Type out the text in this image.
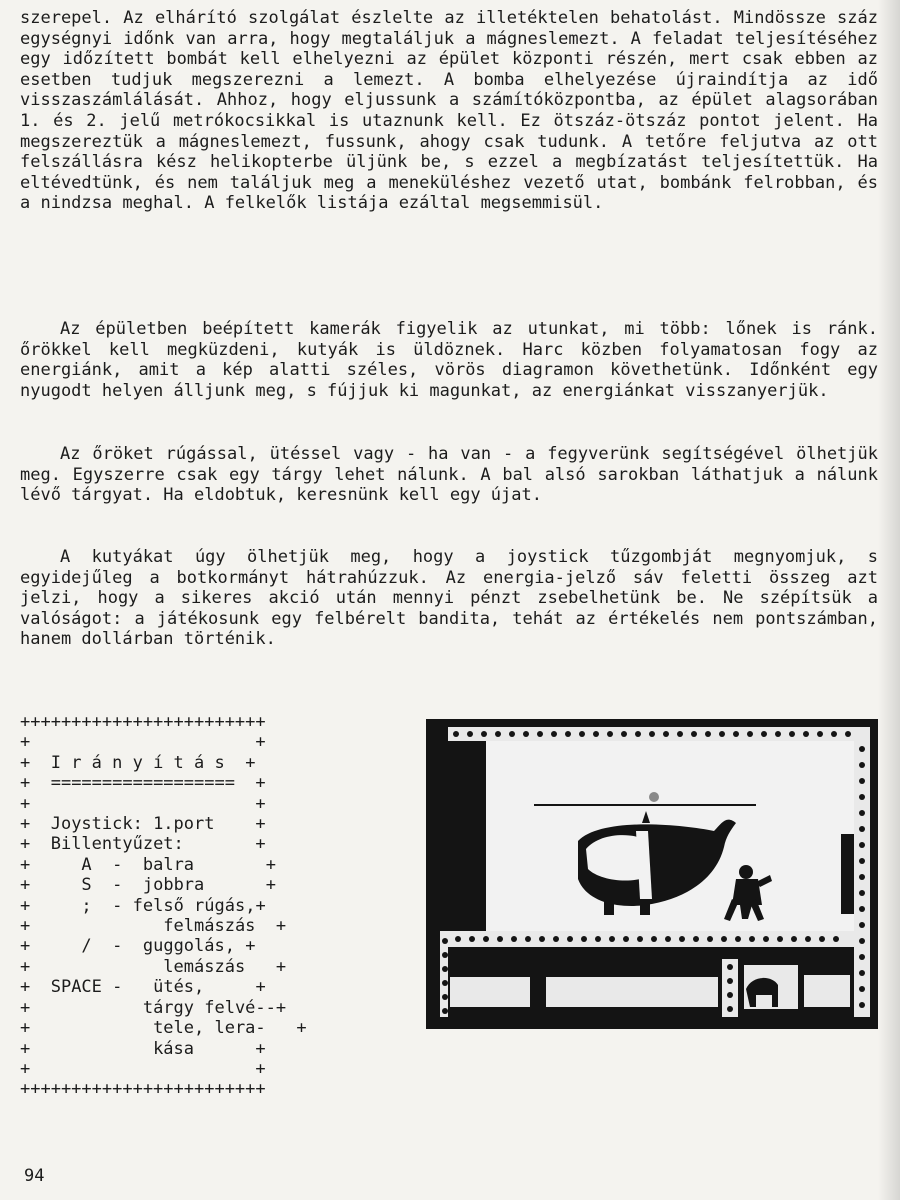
szerepel. Az elhárító szolgálat észlelte az illetéktelen behatolást. Mindössze száz egységnyi időnk van arra, hogy megtaláljuk a mágneslemezt. A feladat teljesítéséhez egy időzített bombát kell elhelyezni az épület központi részén, mert csak ebben az esetben tudjuk megszerezni a lemezt. A bomba elhelyezése újraindítja az idő visszaszámlálását. Ahhoz, hogy eljussunk a számítóközpontba, az épület alagsorában 1. és 2. jelű metrókocsikkal is utaznunk kell. Ez ötszáz-ötszáz pontot jelent. Ha megszereztük a mágneslemezt, fussunk, ahogy csak tudunk. A tetőre feljutva az ott felszállásra kész helikopterbe üljünk be, s ezzel a megbízatást teljesítettük. Ha eltévedtünk, és nem találjuk meg a meneküléshez vezető utat, bombánk felrobban, és a nindzsa meghal. A felkelők listája ezáltal megsemmisül.

Az épületben beépített kamerák figyelik az utunkat, mi több: lőnek is ránk. őrökkel kell megküzdeni, kutyák is üldöznek. Harc közben folyamatosan fogy az energiánk, amit a kép alatti széles, vörös diagramon követhetünk. Időnként egy nyugodt helyen álljunk meg, s fújjuk ki magunkat, az energiánkat visszanyerjük.

Az őröket rúgással, ütéssel vagy - ha van - a fegyverünk segítségével ölhetjük meg. Egyszerre csak egy tárgy lehet nálunk. A bal alsó sarokban láthatjuk a nálunk lévő tárgyat. Ha eldobtuk, keresnünk kell egy újat.

A kutyákat úgy ölhetjük meg, hogy a joystick tűzgombját megnyomjuk, s egyidejűleg a botkormányt hátrahúzzuk. Az energia-jelző sáv feletti összeg azt jelzi, hogy a sikeres akció után mennyi pénzt zsebelhetünk be. Ne szépítsük a valóságot: a játékosunk egy felbérelt bandita, tehát az értékelés nem pontszámban, hanem dollárban történik.

++++++++++++++++++++++++
+                      +
+  I r á n y í t á s  +
+  ==================  +
+                      +
+  Joystick: 1.port    +
+  Billentyűzet:       +
+     A  -  balra       +
+     S  -  jobbra      +
+     ;  - felső rúgás,+
+             felmászás  +
+     /  -  guggolás, +
+             lemászás   +
+  SPACE -   ütés,     +
+           tárgy felvé--+
+            tele, lera-   +
+            kása      +
+                      +
++++++++++++++++++++++++
94
